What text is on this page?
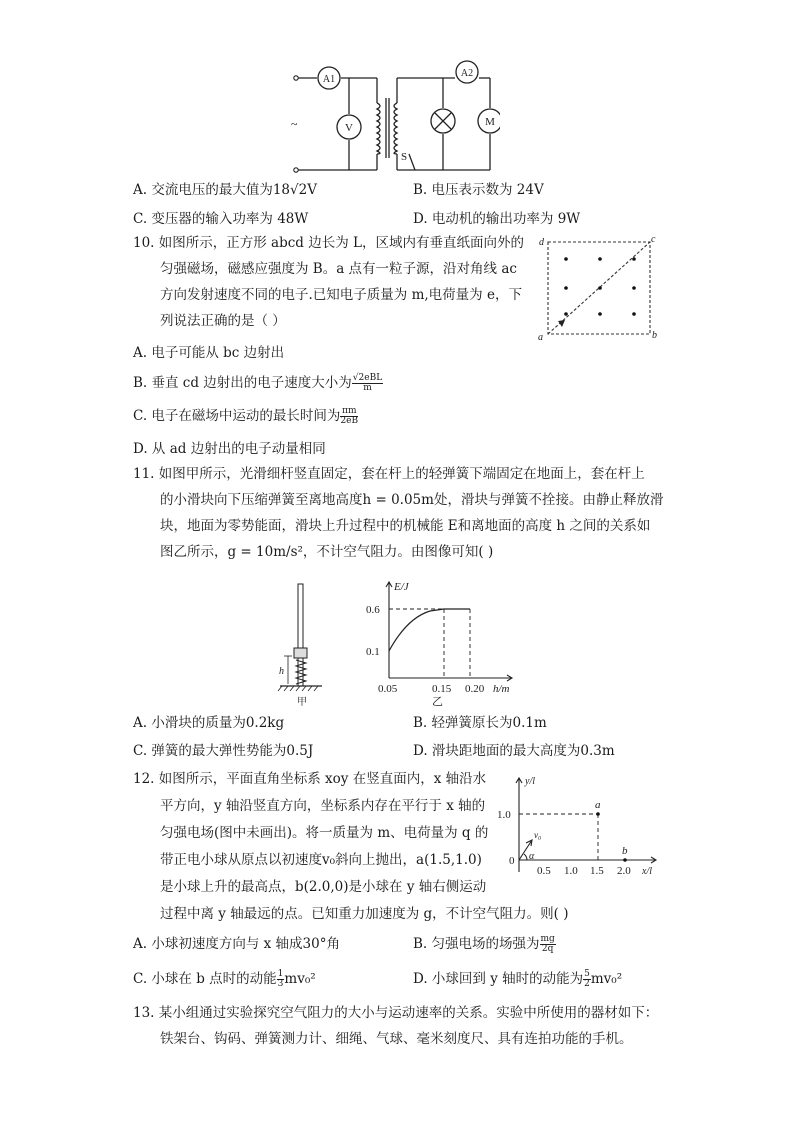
~
A1
V
A2
M
S
A. 交流电压的最大值为18√2V	B. 电压表示数为 24V
C. 变压器的输入功率为 48W	D. 电动机的输出功率为 9W
10. 如图所示，正方形 abcd 边长为 L，区域内有垂直纸面向外的
匀强磁场，磁感应强度为 B。a 点有一粒子源，沿对角线 ac
方向发射速度不同的电子.已知电子质量为 m,电荷量为 e，下
列说法正确的是（ ）
d	c
a	b
A. 电子可能从 bc 边射出
B. 垂直 cd 边射出的电子速度大小为 $\frac{\text{√2eBL}}{m}$
C. 电子在磁场中运动的最长时间为 $\frac{\pi m}{2eB}$
D. 从 ad 边射出的电子动量相同
11. 如图甲所示，光滑细杆竖直固定，套在杆上的轻弹簧下端固定在地面上，套在杆上
的小滑块向下压缩弹簧至离地高度h = 0.05m处，滑块与弹簧不拴接。由静止释放滑
块，地面为零势能面，滑块上升过程中的机械能 E和离地面的高度 h 之间的关系如
图乙所示，g = 10m/s²，不计空气阻力。由图像可知( )
h
甲
E/J
0.6
0.1
0.05	0.15 0.20 h/m
乙
A. 小滑块的质量为0.2kg	B. 轻弹簧原长为0.1m
C. 弹簧的最大弹性势能为0.5J	D. 滑块距地面的最大高度为0.3m
12. 如图所示，平面直角坐标系 xoy 在竖直面内，x 轴沿水
平方向，y 轴沿竖直方向，坐标系内存在平行于 x 轴的
匀强电场(图中未画出)。将一质量为 m、电荷量为 q 的
带正电小球从原点以初速度v₀斜向上抛出，a(1.5,1.0)
是小球上升的最高点，b(2.0,0)是小球在 y 轴右侧运动
过程中离 y 轴最远的点。已知重力加速度为 g，不计空气阻力。则( )
y/l
1.0
0
a
b
v₀
α
0.5 1.0 1.5 2.0 x/l
A. 小球初速度方向与 x 轴成30°角	B. 匀强电场的场强为 $\frac{mg}{2q}$
C. 小球在 b 点时的动能 $\frac{1}{3} mv_0^2$	D. 小球回到 y 轴时的动能为 $\frac{5}{2} mv_0^2$
13. 某小组通过实验探究空气阻力的大小与运动速率的关系。实验中所使用的器材如下：
铁架台、钩码、弹簧测力计、细绳、气球、毫米刻度尺、具有连拍功能的手机。
